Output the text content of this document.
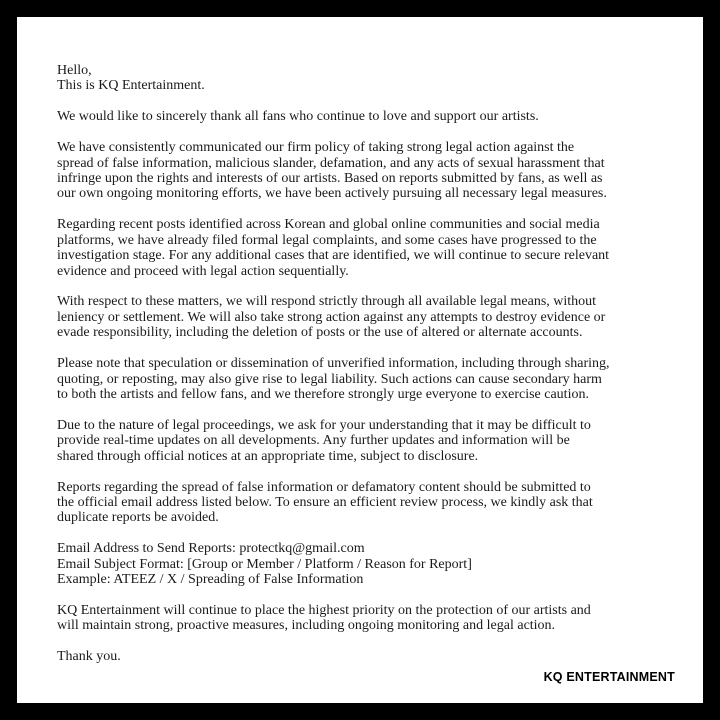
Hello,

This is KQ Entertainment.

We would like to sincerely thank all fans who continue to love and support our artists.

We have consistently communicated our firm policy of taking strong legal action against the
spread of false information, malicious slander, defamation, and any acts of sexual harassment that
infringe upon the rights and interests of our artists. Based on reports submitted by fans, as well as
our own ongoing monitoring efforts, we have been actively pursuing all necessary legal measures.

Regarding recent posts identified across Korean and global online communities and social media
platforms, we have already filed formal legal complaints, and some cases have progressed to the
investigation stage. For any additional cases that are identified, we will continue to secure relevant
evidence and proceed with legal action sequentially.

With respect to these matters, we will respond strictly through all available legal means, without
leniency or settlement. We will also take strong action against any attempts to destroy evidence or
evade responsibility, including the deletion of posts or the use of altered or alternate accounts.

Please note that speculation or dissemination of unverified information, including through sharing,
quoting, or reposting, may also give rise to legal liability. Such actions can cause secondary harm
to both the artists and fellow fans, and we therefore strongly urge everyone to exercise caution.

Due to the nature of legal proceedings, we ask for your understanding that it may be difficult to
provide real-time updates on all developments. Any further updates and information will be
shared through official notices at an appropriate time, subject to disclosure.

Reports regarding the spread of false information or defamatory content should be submitted to
the official email address listed below. To ensure an efficient review process, we kindly ask that
duplicate reports be avoided.

Email Address to Send Reports: protectkq@gmail.com

Email Subject Format: [Group or Member / Platform / Reason for Report]

Example: ATEEZ / X / Spreading of False Information

KQ Entertainment will continue to place the highest priority on the protection of our artists and
will maintain strong, proactive measures, including ongoing monitoring and legal action.

Thank you.

KQ ENTERTAINMENT
